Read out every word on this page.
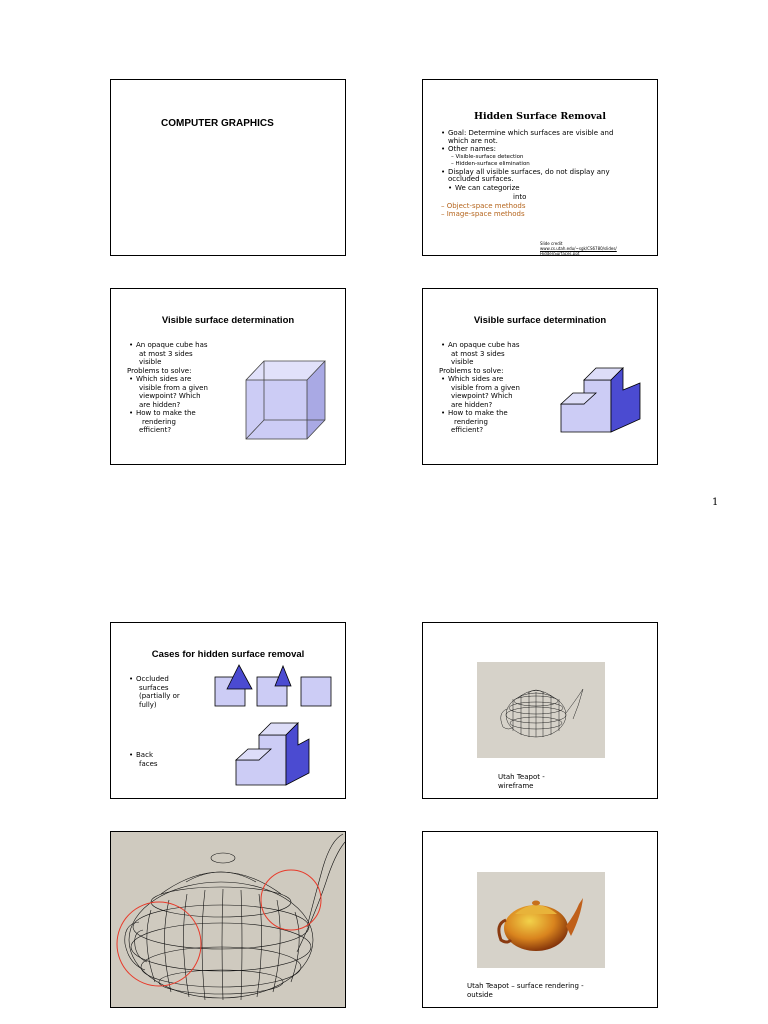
COMPUTER GRAPHICS
Hidden Surface Removal
• Goal: Determine which surfaces are visible and
which are not.
• Other names:
– Visible-surface detection
– Hidden-surface elimination
• Display all visible surfaces, do not display any
occluded surfaces.
• We can categorize
into
– Object-space methods
– Image-space methods
Slide credit
www.cs.utah.edu/~sgk/CS6780/slides/
HiddenSurfaces.ppt
Visible surface determination
• An opaque cube has
at most 3 sides
visible
Problems to solve:
• Which sides are
visible from a given
viewpoint? Which
are hidden?
• How to make the
rendering
efficient?
Visible surface determination
• An opaque cube has
at most 3 sides
visible
Problems to solve:
• Which sides are
visible from a given
viewpoint? Which
are hidden?
• How to make the
rendering
efficient?
1
Cases for hidden surface removal
• Occluded
surfaces
(partially or
fully)
• Back
faces
Utah Teapot -
wireframe
Utah Teapot – surface rendering -
outside
